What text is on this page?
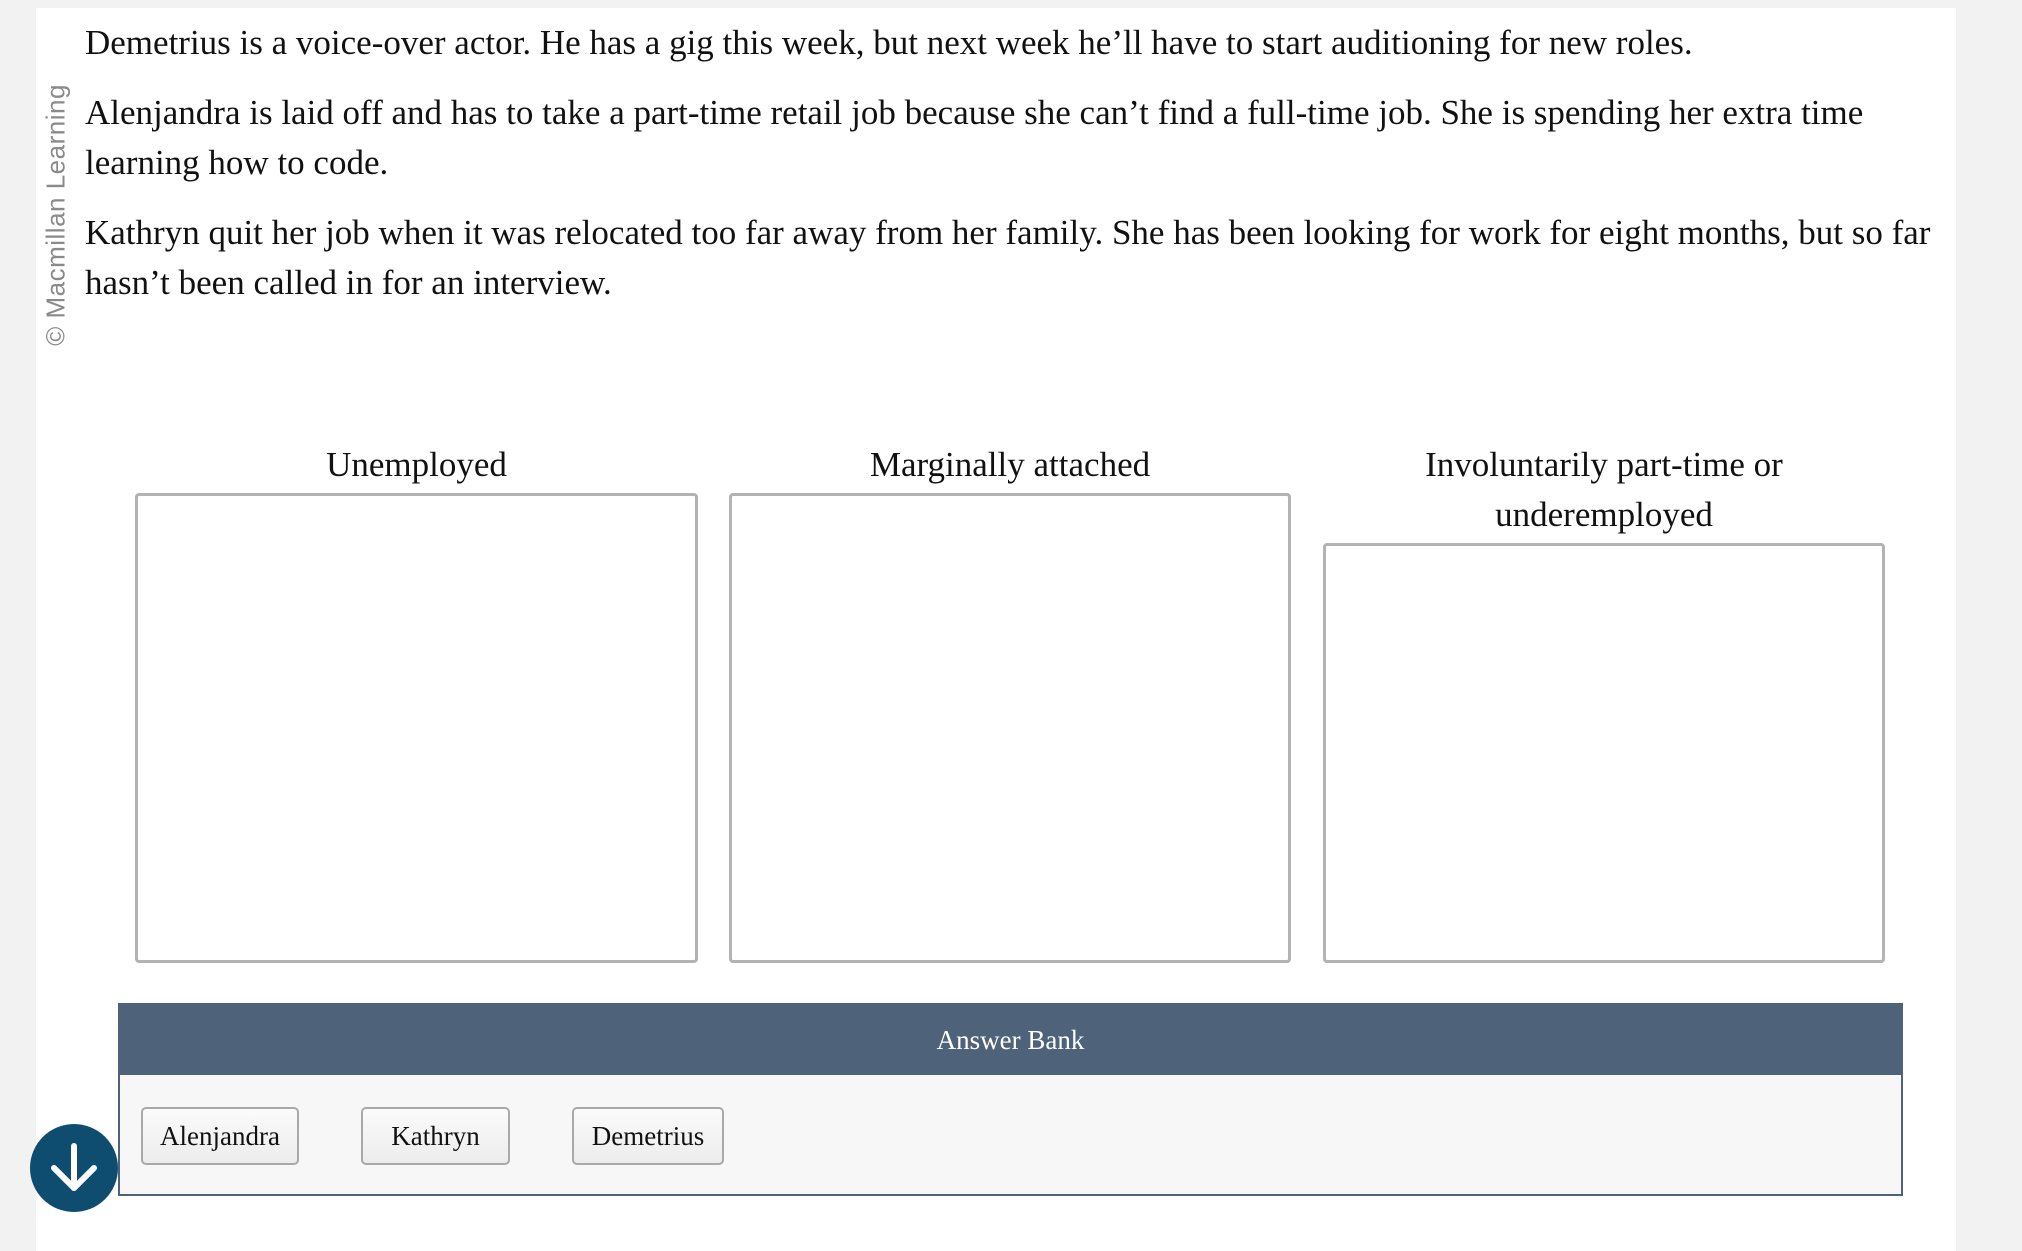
© Macmillan Learning

Demetrius is a voice-over actor. He has a gig this week, but next week he’ll have to start auditioning for new roles.

Alenjandra is laid off and has to take a part-time retail job because she can’t find a full-time job. She is spending her extra time learning how to code.

Kathryn quit her job when it was relocated too far away from her family. She has been looking for work for eight months, but so far hasn’t been called in for an interview.

Unemployed	Marginally attached	Involuntarily part-time or underemployed
Answer Bank
Alenjandra	Kathryn	Demetrius
